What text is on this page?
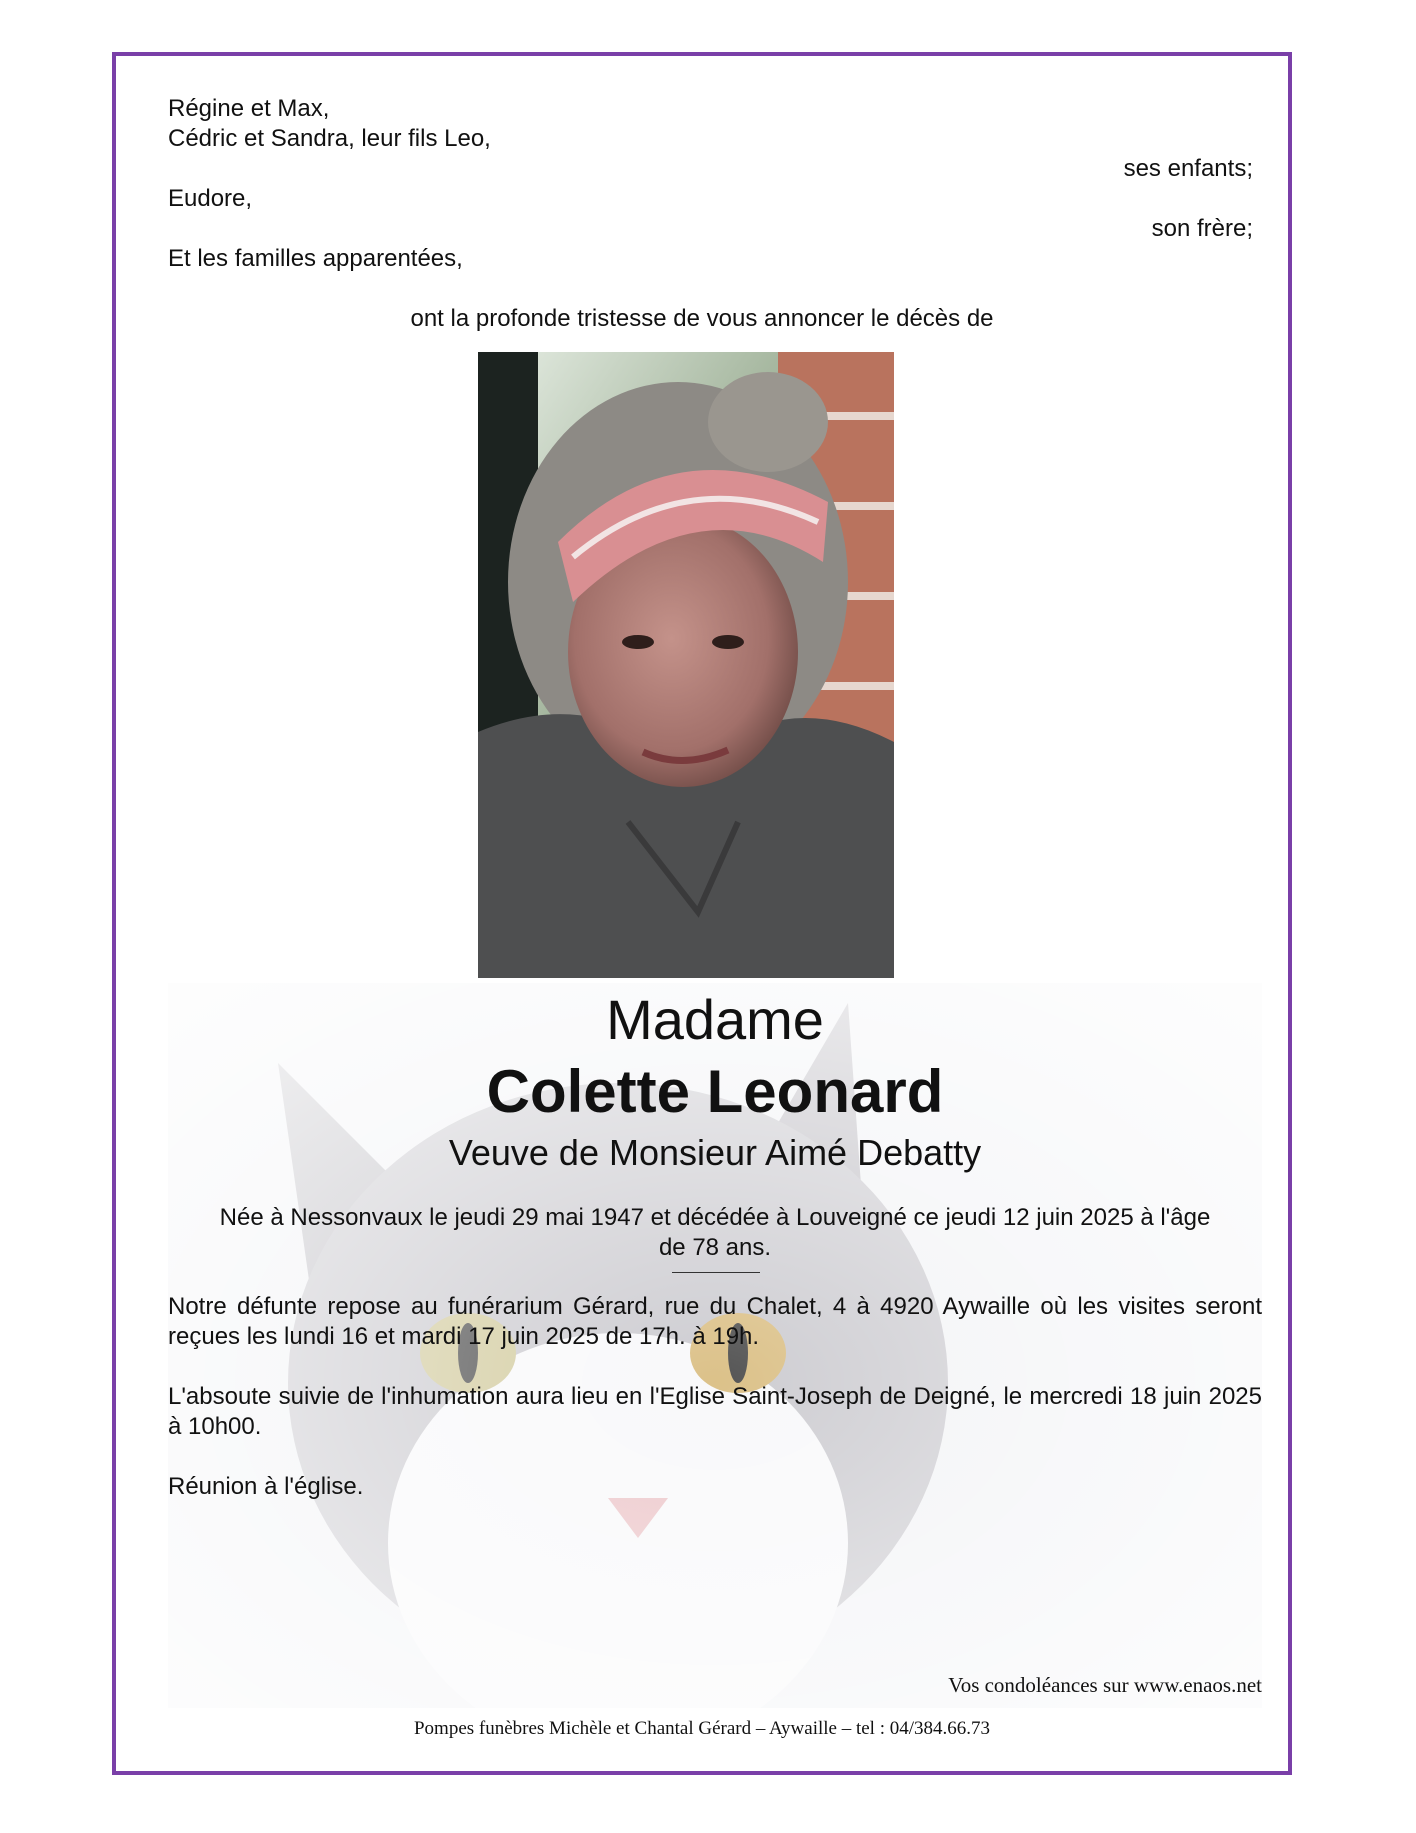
Régine et Max,
Cédric et Sandra, leur fils Leo,
ses enfants;
Eudore,
son frère;
Et les familles apparentées,
ont la profonde tristesse de vous annoncer le décès de
Madame
Colette Leonard
Veuve de Monsieur Aimé Debatty
Née à Nessonvaux le jeudi 29 mai 1947 et décédée à Louveigné ce jeudi 12 juin 2025 à l'âge
de 78 ans.
Notre défunte repose au funérarium Gérard, rue du Chalet, 4 à 4920 Aywaille où les visites seront reçues les lundi 16 et mardi 17 juin 2025 de 17h. à 19h.
L'absoute suivie de l'inhumation aura lieu en l'Eglise Saint-Joseph de Deigné, le mercredi 18 juin 2025 à 10h00.
Réunion à l'église.
Vos condoléances sur www.enaos.net
Pompes funèbres Michèle et Chantal Gérard – Aywaille – tel : 04/384.66.73
